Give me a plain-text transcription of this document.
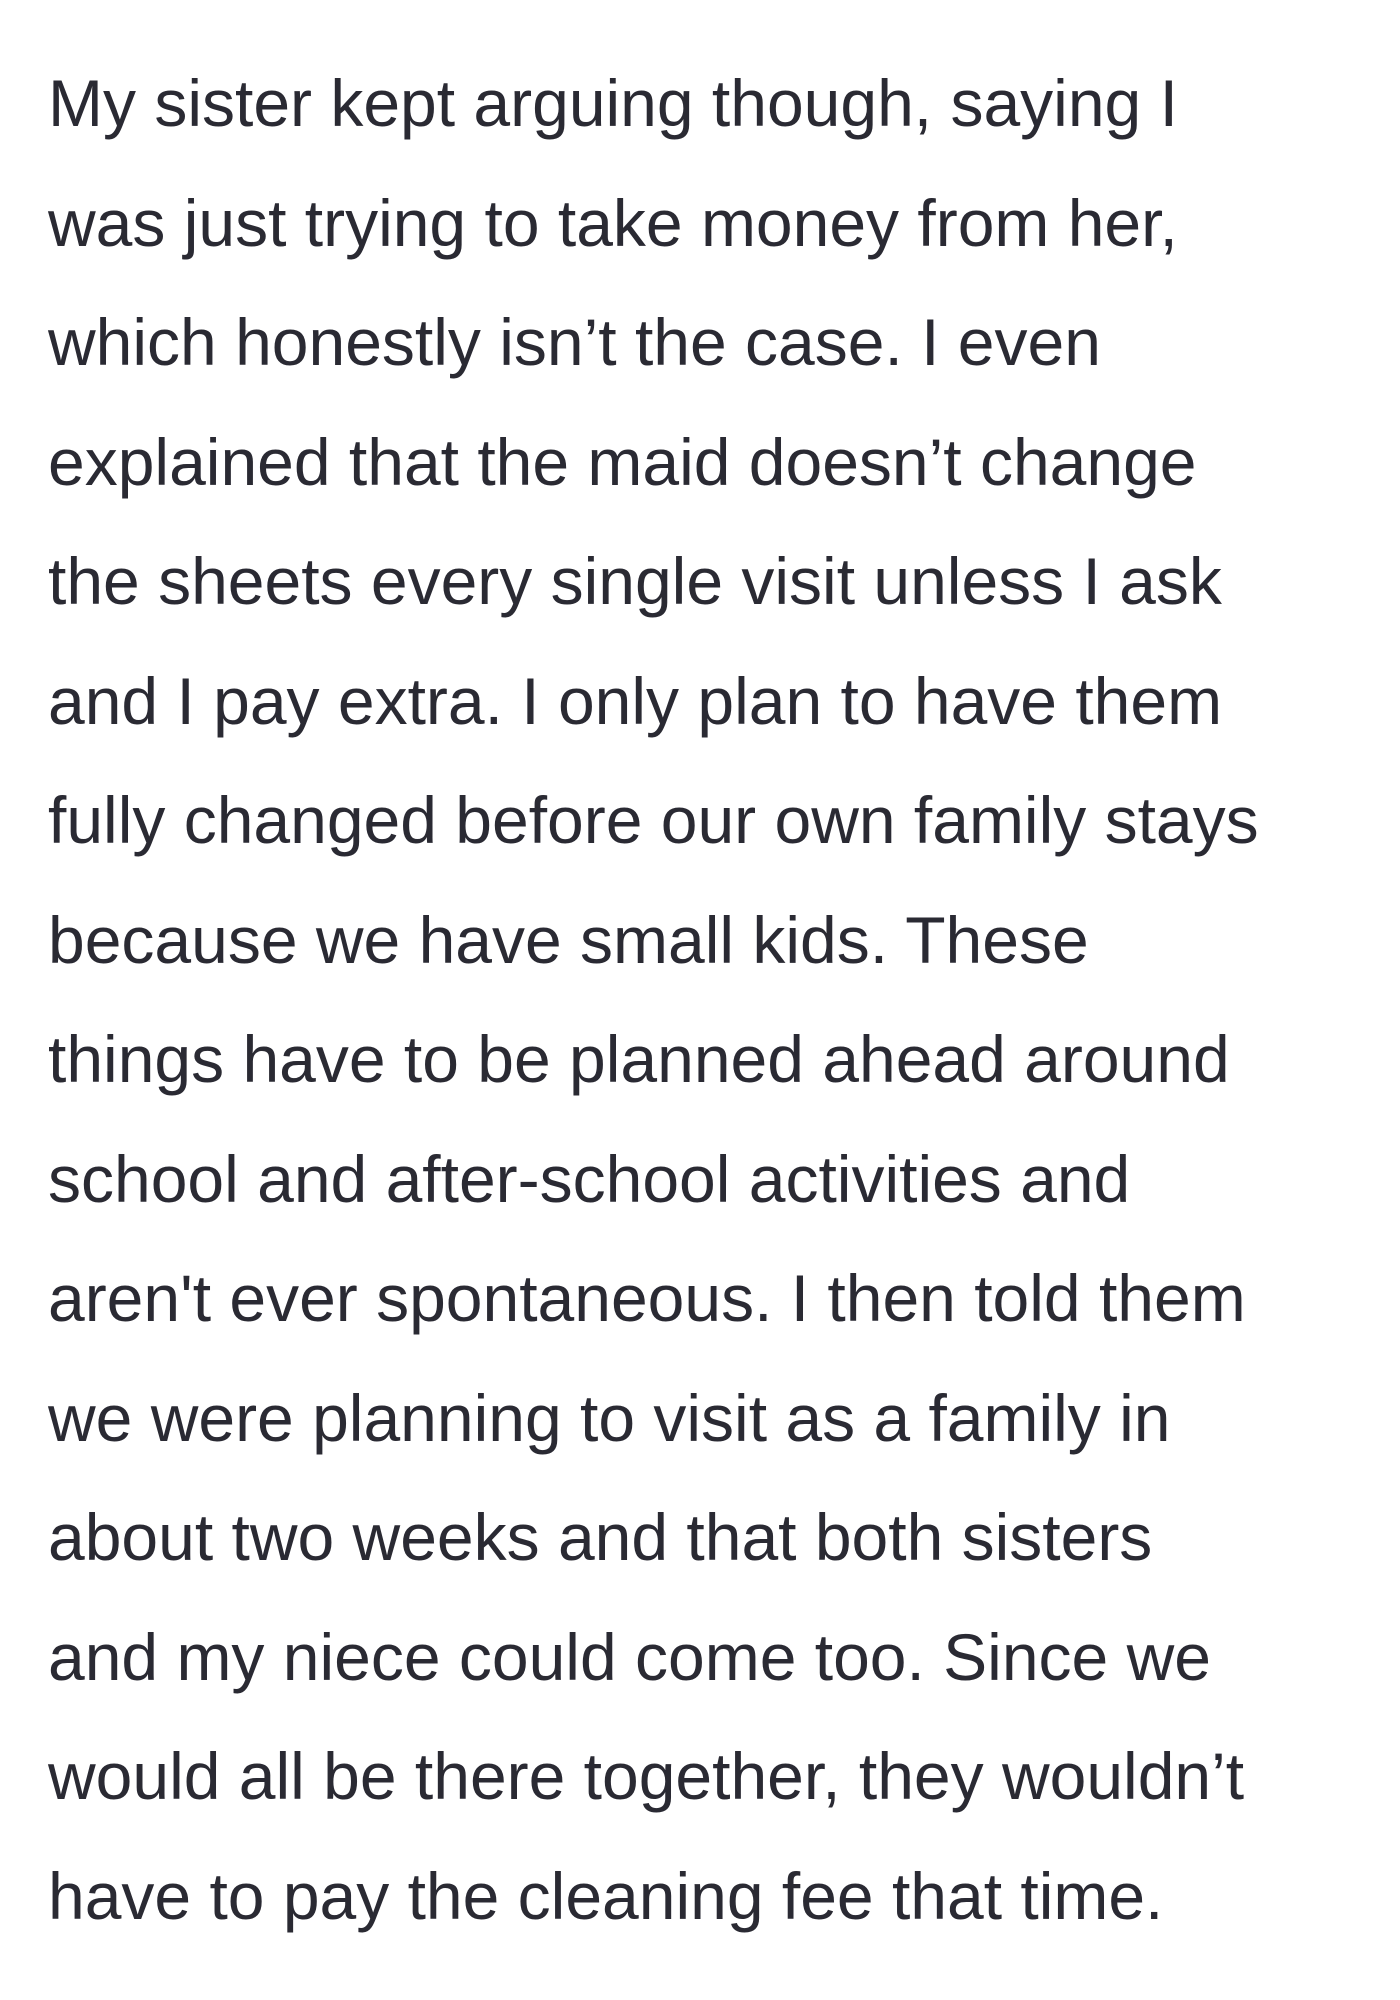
My sister kept arguing though, saying I
was just trying to take money from her,
which honestly isn’t the case. I even
explained that the maid doesn’t change
the sheets every single visit unless I ask
and I pay extra. I only plan to have them
fully changed before our own family stays
because we have small kids. These
things have to be planned ahead around
school and after-school activities and
aren't ever spontaneous. I then told them
we were planning to visit as a family in
about two weeks and that both sisters
and my niece could come too. Since we
would all be there together, they wouldn’t
have to pay the cleaning fee that time.
